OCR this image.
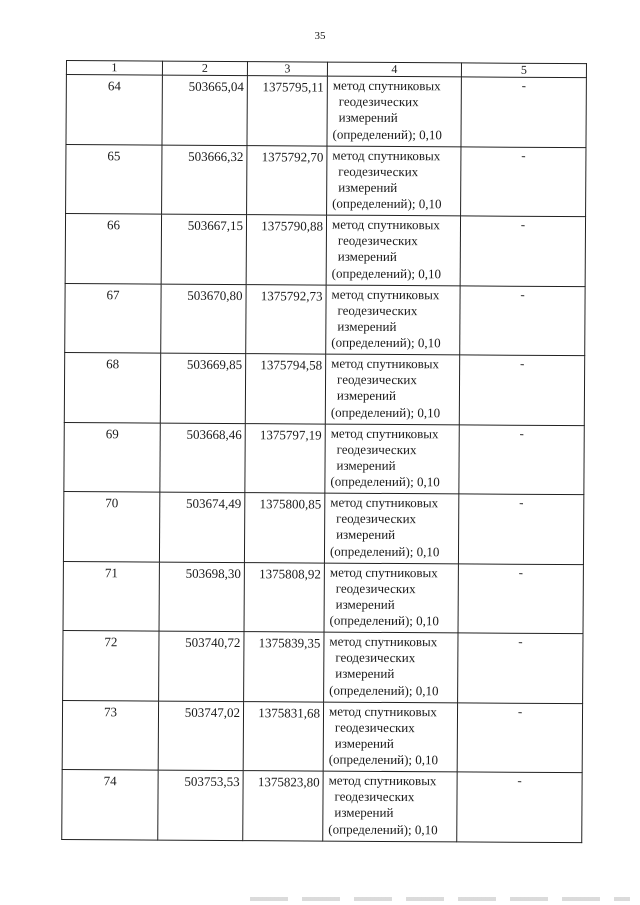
35
1	2	3	4	5
64	503665,04	1375795,11	метод спутниковых
геодезических
измерений
(определений); 0,10	-
65	503666,32	1375792,70	метод спутниковых
геодезических
измерений
(определений); 0,10	-
66	503667,15	1375790,88	метод спутниковых
геодезических
измерений
(определений); 0,10	-
67	503670,80	1375792,73	метод спутниковых
геодезических
измерений
(определений); 0,10	-
68	503669,85	1375794,58	метод спутниковых
геодезических
измерений
(определений); 0,10	-
69	503668,46	1375797,19	метод спутниковых
геодезических
измерений
(определений); 0,10	-
70	503674,49	1375800,85	метод спутниковых
геодезических
измерений
(определений); 0,10	-
71	503698,30	1375808,92	метод спутниковых
геодезических
измерений
(определений); 0,10	-
72	503740,72	1375839,35	метод спутниковых
геодезических
измерений
(определений); 0,10	-
73	503747,02	1375831,68	метод спутниковых
геодезических
измерений
(определений); 0,10	-
74	503753,53	1375823,80	метод спутниковых
геодезических
измерений
(определений); 0,10	-
